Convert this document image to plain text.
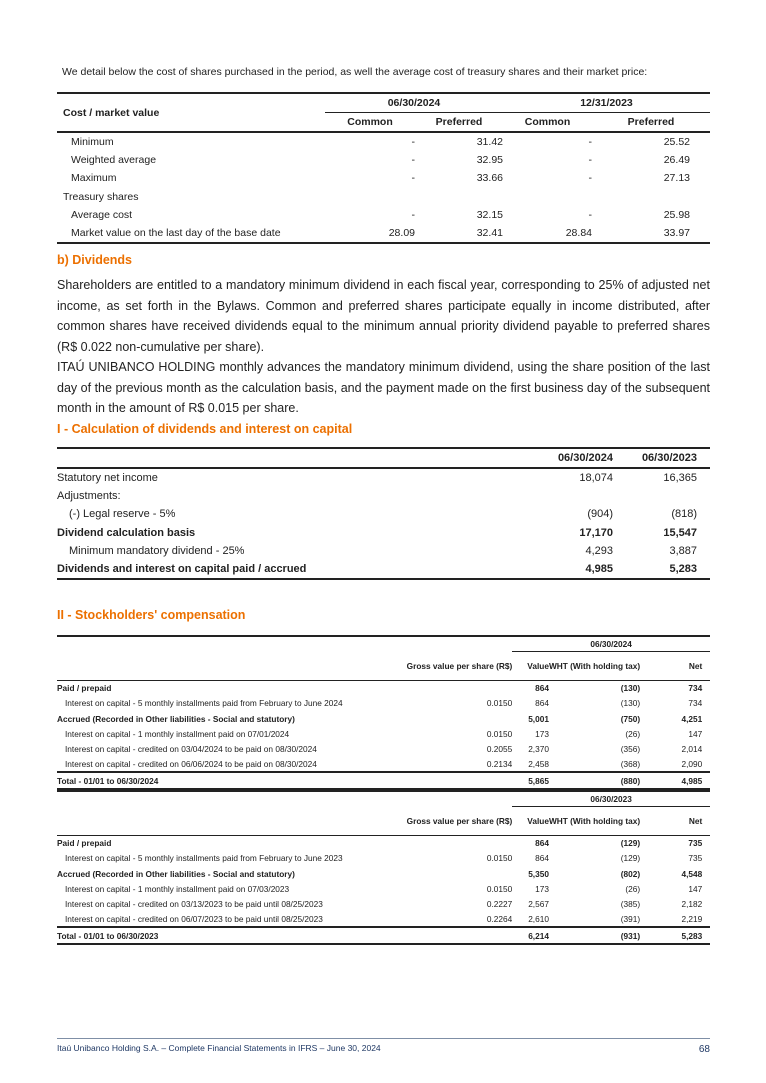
We detail below the cost of shares purchased in the period, as well the average cost of treasury shares and their market price:
Cost / market value	06/30/2024		12/31/2023		
	Common	Preferred	Common	Preferred	
Minimum	-	31.42	-	25.52	
Weighted average	-	32.95	-	26.49	
Maximum	-	33.66	-	27.13	
Treasury shares					
Average cost	-	32.15	-	25.98	
Market value on the last day of the base date	28.09	32.41	28.84	33.97	
b) Dividends

Shareholders are entitled to a mandatory minimum dividend in each fiscal year, corresponding to 25% of adjusted net income, as set forth in the Bylaws. Common and preferred shares participate equally in income distributed, after common shares have received dividends equal to the minimum annual priority dividend payable to preferred shares (R$ 0.022 non-cumulative per share).

ITAÚ UNIBANCO HOLDING monthly advances the mandatory minimum dividend, using the share position of the last day of the previous month as the calculation basis, and the payment made on the first business day of the subsequent month in the amount of R$ 0.015 per share.

I - Calculation of dividends and interest on capital
	06/30/2024	06/30/2023	
Statutory net income	18,074	16,365	
Adjustments:			
(-) Legal reserve - 5%	(904)	(818)	
Dividend calculation basis	17,170	15,547	
Minimum mandatory dividend - 25%	4,293	3,887	
Dividends and interest on capital paid / accrued	4,985	5,283	
II - Stockholders' compensation
		06/30/2024			
	Gross value per share (R$)	Value	WHT (With holding tax)	Net	
Paid / prepaid		864	(130)	734	
Interest on capital - 5 monthly installments paid from February to June 2024	0.0150	864	(130)	734	
Accrued (Recorded in Other liabilities - Social and statutory)		5,001	(750)	4,251	
Interest on capital - 1 monthly installment paid on 07/01/2024	0.0150	173	(26)	147	
Interest on capital - credited on 03/04/2024 to be paid on 08/30/2024	0.2055	2,370	(356)	2,014	
Interest on capital - credited on 06/06/2024 to be paid on 08/30/2024	0.2134	2,458	(368)	2,090	
Total - 01/01 to 06/30/2024		5,865	(880)	4,985	
		06/30/2023			
	Gross value per share (R$)	Value	WHT (With holding tax)	Net	
Paid / prepaid		864	(129)	735	
Interest on capital - 5 monthly installments paid from February to June 2023	0.0150	864	(129)	735	
Accrued (Recorded in Other liabilities - Social and statutory)		5,350	(802)	4,548	
Interest on capital - 1 monthly installment paid on 07/03/2023	0.0150	173	(26)	147	
Interest on capital - credited on 03/13/2023 to be paid until 08/25/2023	0.2227	2,567	(385)	2,182	
Interest on capital - credited on 06/07/2023 to be paid until 08/25/2023	0.2264	2,610	(391)	2,219	
Total - 01/01 to 06/30/2023		6,214	(931)	5,283	
Itaú Unibanco Holding S.A. – Complete Financial Statements in IFRS – June 30, 2024	68
